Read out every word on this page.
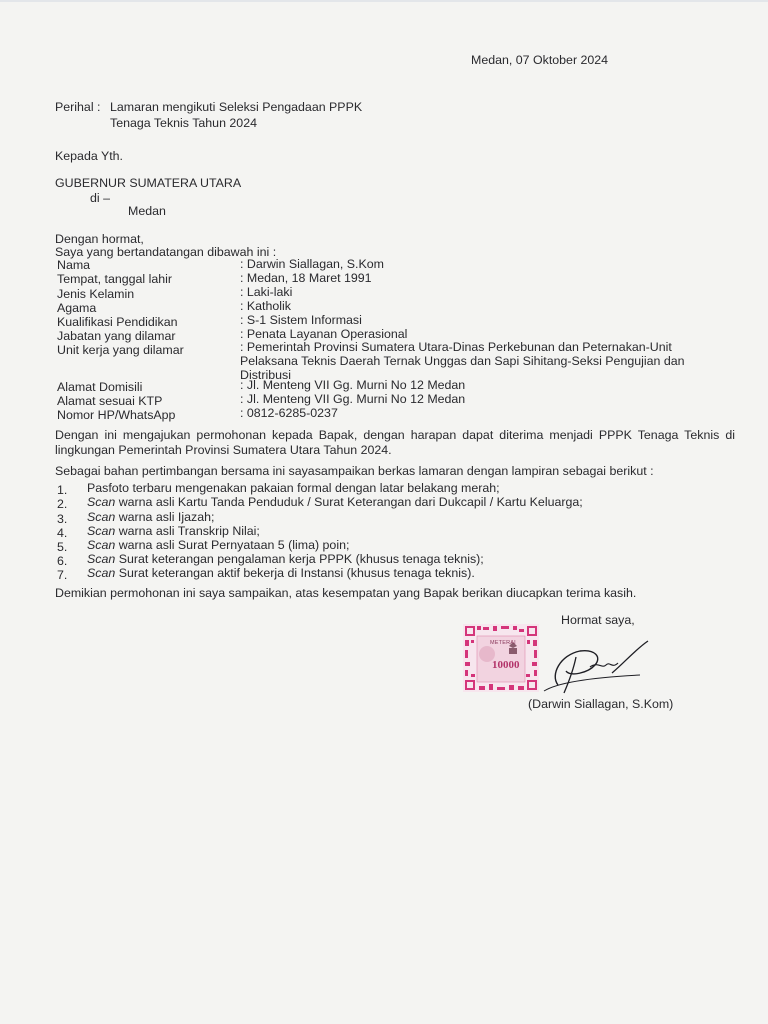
Medan, 07 Oktober 2024
Perihal : Lamaran mengikuti Seleksi Pengadaan PPPK
Tenaga Teknis Tahun 2024
Kepada Yth.
GUBERNUR SUMATERA UTARA
di –
Medan
Dengan hormat,
Saya yang bertandatangan dibawah ini :
Nama	: Darwin Siallagan, S.Kom
Tempat, tanggal lahir	: Medan, 18 Maret 1991
Jenis Kelamin	: Laki-laki
Agama	: Katholik
Kualifikasi Pendidikan	: S-1 Sistem Informasi
Jabatan yang dilamar	: Penata Layanan Operasional
Unit kerja yang dilamar	: Pemerintah Provinsi Sumatera Utara-Dinas Perkebunan dan Peternakan-Unit Pelaksana Teknis Daerah Ternak Unggas dan Sapi Sihitang-Seksi Pengujian dan Distribusi
Alamat Domisili	: Jl. Menteng VII Gg. Murni No 12 Medan
Alamat sesuai KTP	: Jl. Menteng VII Gg. Murni No 12 Medan
Nomor HP/WhatsApp	: 0812-6285-0237
Dengan ini mengajukan permohonan kepada Bapak, dengan harapan dapat diterima menjadi PPPK Tenaga Teknis di lingkungan Pemerintah Provinsi Sumatera Utara Tahun 2024.
Sebagai bahan pertimbangan bersama ini sayasampaikan berkas lamaran dengan lampiran sebagai berikut :
1. Pasfoto terbaru mengenakan pakaian formal dengan latar belakang merah;
2. Scan warna asli Kartu Tanda Penduduk / Surat Keterangan dari Dukcapil / Kartu Keluarga;
3. Scan warna asli Ijazah;
4. Scan warna asli Transkrip Nilai;
5. Scan warna asli Surat Pernyataan 5 (lima) poin;
6. Scan Surat keterangan pengalaman kerja PPPK (khusus tenaga teknis);
7. Scan Surat keterangan aktif bekerja di Instansi (khusus tenaga teknis).
Demikian permohonan ini saya sampaikan, atas kesempatan yang Bapak berikan diucapkan terima kasih.
Hormat saya,
METERAI
10000
(Darwin Siallagan, S.Kom)
